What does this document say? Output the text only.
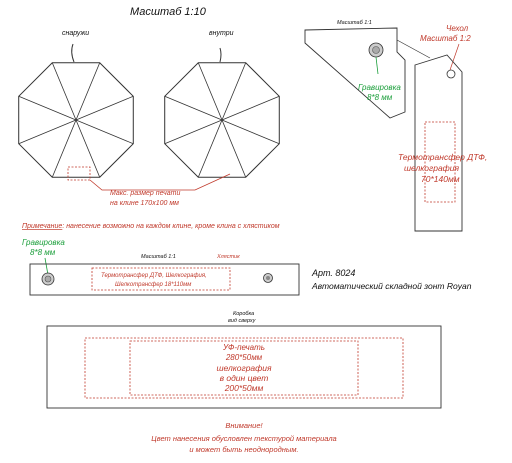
Масштаб 1:10
снаружи	внутри
Макс. размер печати
на клине 170х100 мм
Примечание: нанесение возможно на каждом клине, кроме клина с хлястиком
Масштаб 1:1
Гравировка
8*8 мм
Чехол
Масштаб 1:2
Термотрансфер ДТФ,
шелкография
70*140мм
Гравировка
8*8 мм	Масштаб 1:1	Хлястик
Термотрансфер ДТФ, Шелкография,
Шелкотрансфер 18*110мм
Арт. 8024
Автоматический складной зонт Royan
Коробка
вид сверху
УФ-печать
280*50мм
шелкография
в один цвет
200*50мм
Внимание!
Цвет нанесения обусловлен текстурой материала
и может быть неоднородным.
